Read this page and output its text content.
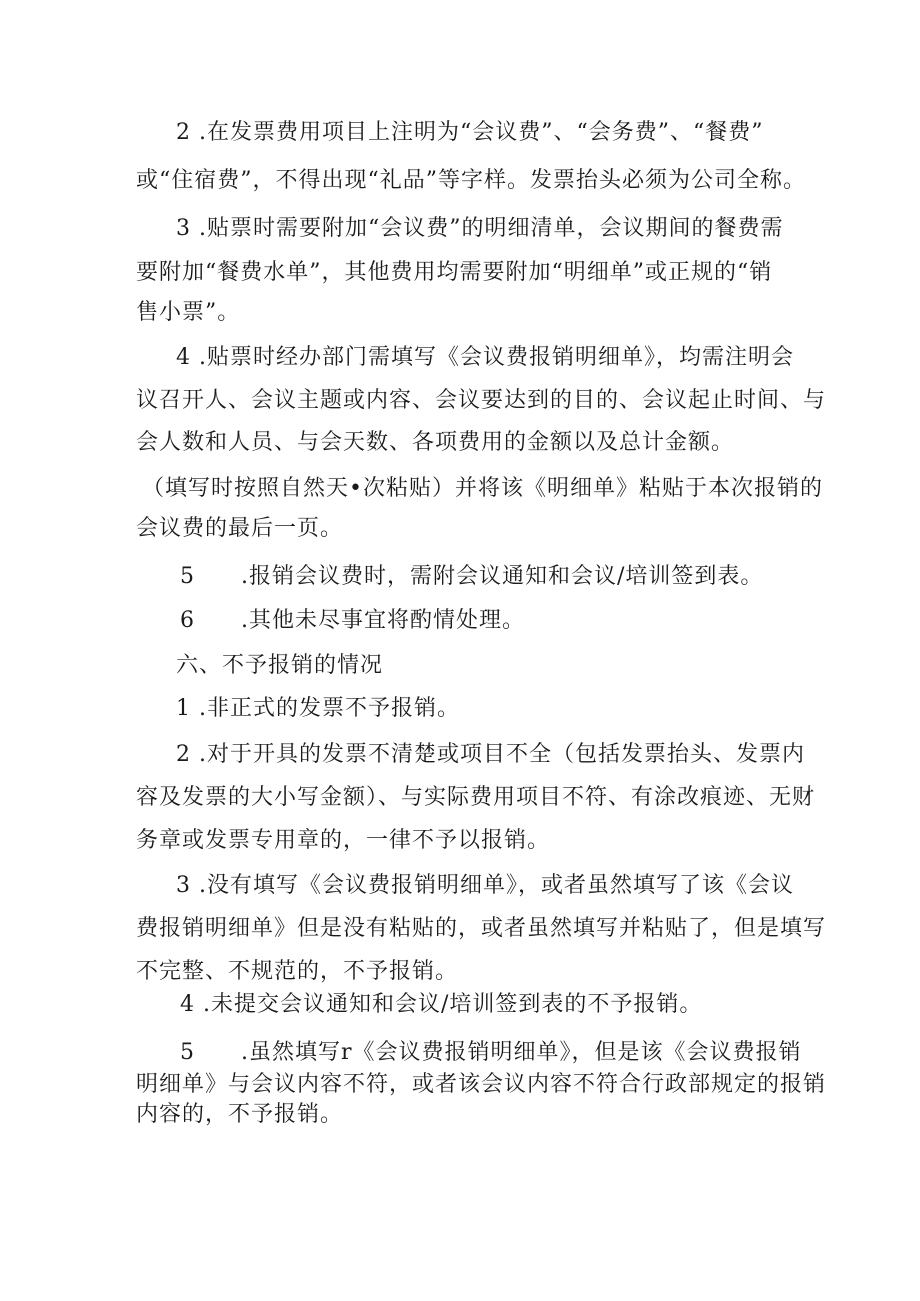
2 .在发票费用项目上注明为“会议费”、“会务费”、“餐费”
或“住宿费”，不得出现“礼品”等字样。发票抬头必须为公司全称。
3 .贴票时需要附加“会议费”的明细清单，会议期间的餐费需
要附加“餐费水单”，其他费用均需要附加“明细单”或正规的“销
售小票”。
4 .贴票时经办部门需填写《会议费报销明细单》，均需注明会
议召开人、会议主题或内容、会议要达到的目的、会议起止时间、与
会人数和人员、与会天数、各项费用的金额以及总计金额。
（填写时按照自然天•次粘贴）并将该《明细单》粘贴于本次报销的
会议费的最后一页。
5　　.报销会议费时，需附会议通知和会议/培训签到表。
6　　.其他未尽事宜将酌情处理。
六、不予报销的情况
1 .非正式的发票不予报销。
2 .对于开具的发票不清楚或项目不全（包括发票抬头、发票内
容及发票的大小写金额）、与实际费用项目不符、有涂改痕迹、无财
务章或发票专用章的，一律不予以报销。
3 .没有填写《会议费报销明细单》，或者虽然填写了该《会议
费报销明细单》但是没有粘贴的，或者虽然填写并粘贴了，但是填写
不完整、不规范的，不予报销。
4 .未提交会议通知和会议/培训签到表的不予报销。
5　　.虽然填写r《会议费报销明细单》，但是该《会议费报销
明细单》与会议内容不符，或者该会议内容不符合行政部规定的报销
内容的，不予报销。
